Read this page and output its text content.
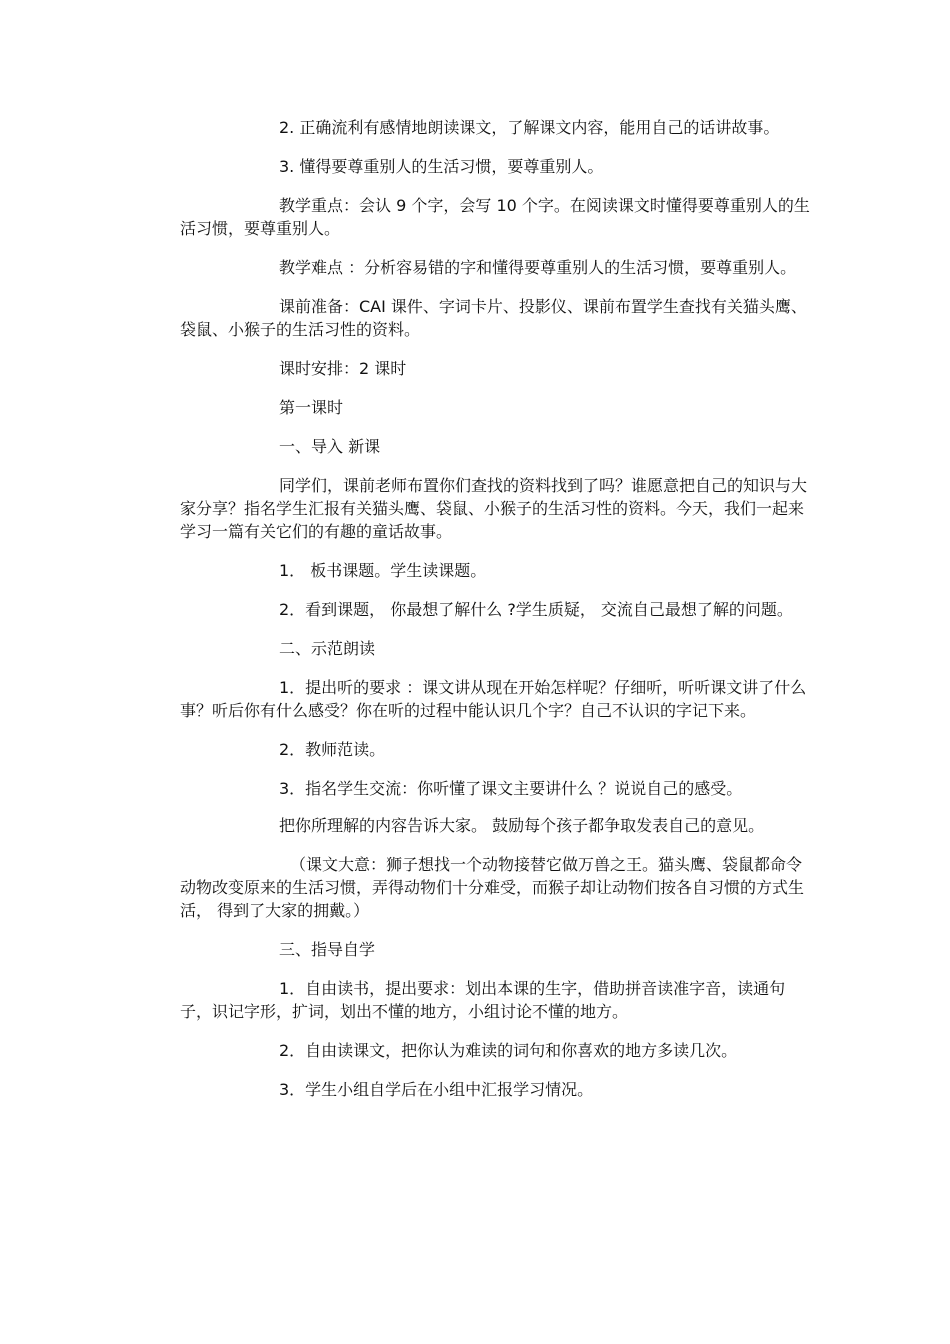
2. 正确流利有感情地朗读课文，了解课文内容，能用自己的话讲故事。

3. 懂得要尊重别人的生活习惯，要尊重别人。

教学重点：会认 9 个字，会写 10 个字。在阅读课文时懂得要尊重别人的生活习惯，要尊重别人。

教学难点 ：分析容易错的字和懂得要尊重别人的生活习惯，要尊重别人。

课前准备：CAI 课件、字词卡片、投影仪、课前布置学生查找有关猫头鹰、袋鼠、小猴子的生活习性的资料。

课时安排：2 课时

第一课时

一、导入 新课

同学们，课前老师布置你们查找的资料找到了吗？谁愿意把自己的知识与大家分享？指名学生汇报有关猫头鹰、袋鼠、小猴子的生活习性的资料。今天，我们一起来学习一篇有关它们的有趣的童话故事。

1． 板书课题。学生读课题。

2．看到课题， 你最想了解什么 ?学生质疑， 交流自己最想了解的问题。

二、示范朗读

1．提出听的要求 ：课文讲从现在开始怎样呢？仔细听，听听课文讲了什么事？听后你有什么感受？你在听的过程中能认识几个字？自己不认识的字记下来。

2．教师范读。

3．指名学生交流：你听懂了课文主要讲什么 ？说说自己的感受。

把你所理解的内容告诉大家。 鼓励每个孩子都争取发表自己的意见。

（课文大意：狮子想找一个动物接替它做万兽之王。猫头鹰、袋鼠都命令动物改变原来的生活习惯，弄得动物们十分难受，而猴子却让动物们按各自习惯的方式生活， 得到了大家的拥戴。）

三、指导自学

1．自由读书，提出要求：划出本课的生字，借助拼音读准字音，读通句子，识记字形，扩词，划出不懂的地方，小组讨论不懂的地方。

2．自由读课文，把你认为难读的词句和你喜欢的地方多读几次。

3．学生小组自学后在小组中汇报学习情况。
